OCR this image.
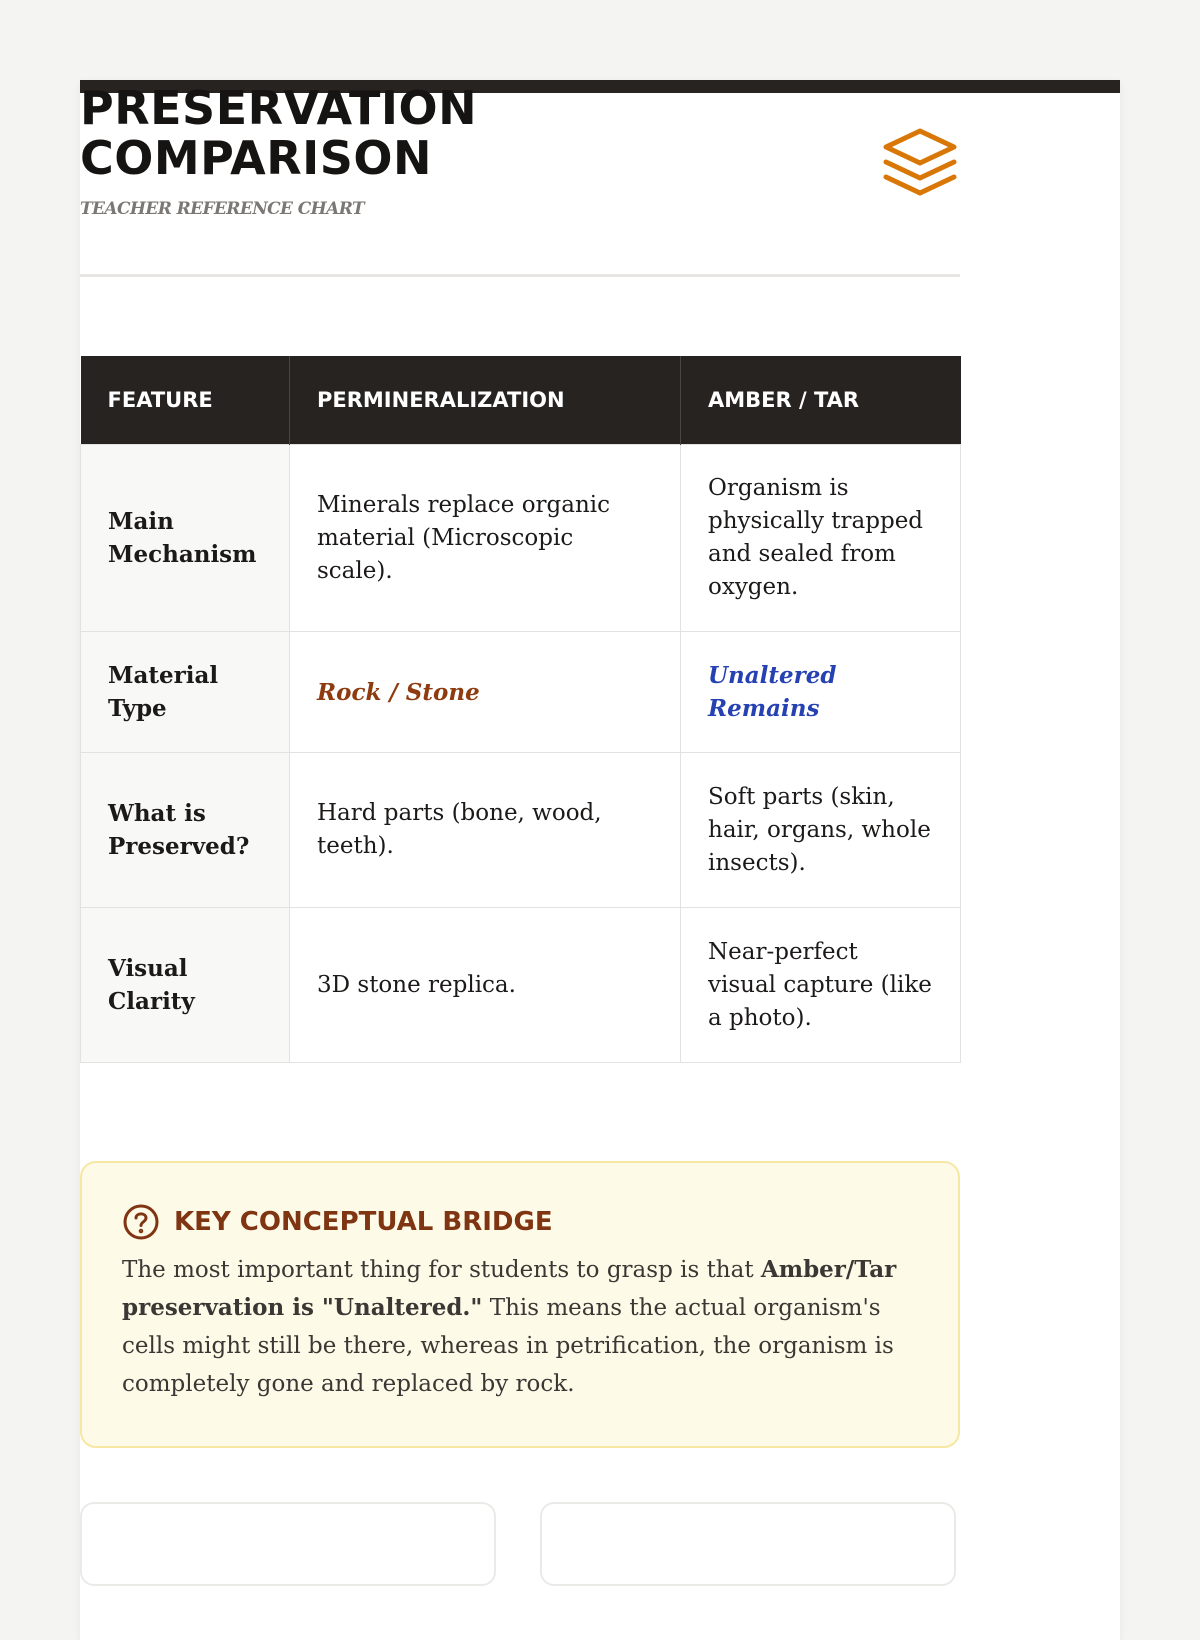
PRESERVATION COMPARISON
TEACHER REFERENCE CHART
FEATURE	PERMINERALIZATION	AMBER / TAR
Main Mechanism	Minerals replace organic material (Microscopic scale).	Organism is physically trapped and sealed from oxygen.
Material Type	Rock / Stone	Unaltered Remains
What is Preserved?	Hard parts (bone, wood, teeth).	Soft parts (skin, hair, organs, whole insects).
Visual Clarity	3D stone replica.	Near-perfect visual capture (like a photo).
KEY CONCEPTUAL BRIDGE
The most important thing for students to grasp is that Amber/Tar preservation is "Unaltered." This means the actual organism's cells might still be there, whereas in petrification, the organism is completely gone and replaced by rock.
